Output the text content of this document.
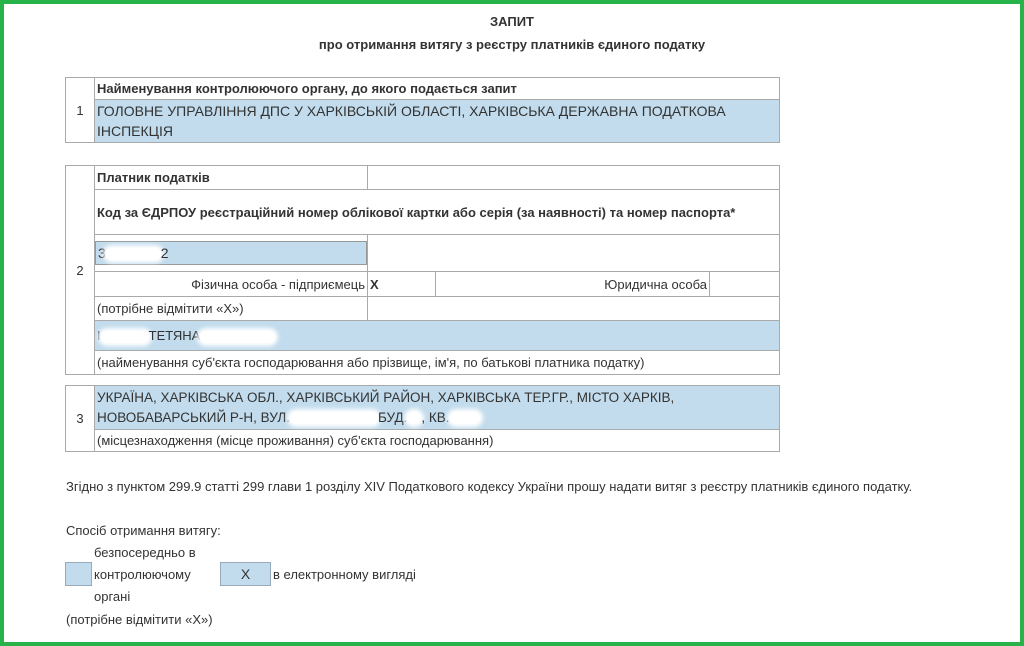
ЗАПИТ
про отримання витягу з реєстру платників єдиного податку
1	Найменування контролюючого органу, до якого подається запит
ГОЛОВНЕ УПРАВЛІННЯ ДПС У ХАРКІВСЬКІЙ ОБЛАСТІ, ХАРКІВСЬКА ДЕРЖАВНА ПОДАТКОВА ІНСПЕКЦІЯ
2	Платник податків			
	Код за ЄДРПОУ реєстраційний номер облікової картки або серія (за наявності) та номер паспорта*			

	3 2			

	Фізична особа - підприємець	X	Юридична особа	
	(потрібне відмітити «Х»)			
	І ТЕТЯНА			
	(найменування суб'єкта господарювання або прізвище, ім'я, по батькові платника податку)			
3	УКРАЇНА, ХАРКІВСЬКА ОБЛ., ХАРКІВСЬКИЙ РАЙОН, ХАРКІВСЬКА ТЕР.ГР., МІСТО ХАРКІВ,
НОВОБАВАРСЬКИЙ Р-Н, ВУЛ.	БУД. , КВ.
(місцезнаходження (місце проживання) суб'єкта господарювання)
Згідно з пунктом 299.9 статті 299 глави 1 розділу XIV Податкового кодексу України прошу надати витяг з реєстру платників єдиного податку.
Спосіб отримання витягу:
безпосередньо в
контролюючому
органі
X	в електронному вигляді
(потрібне відмітити «Х»)
